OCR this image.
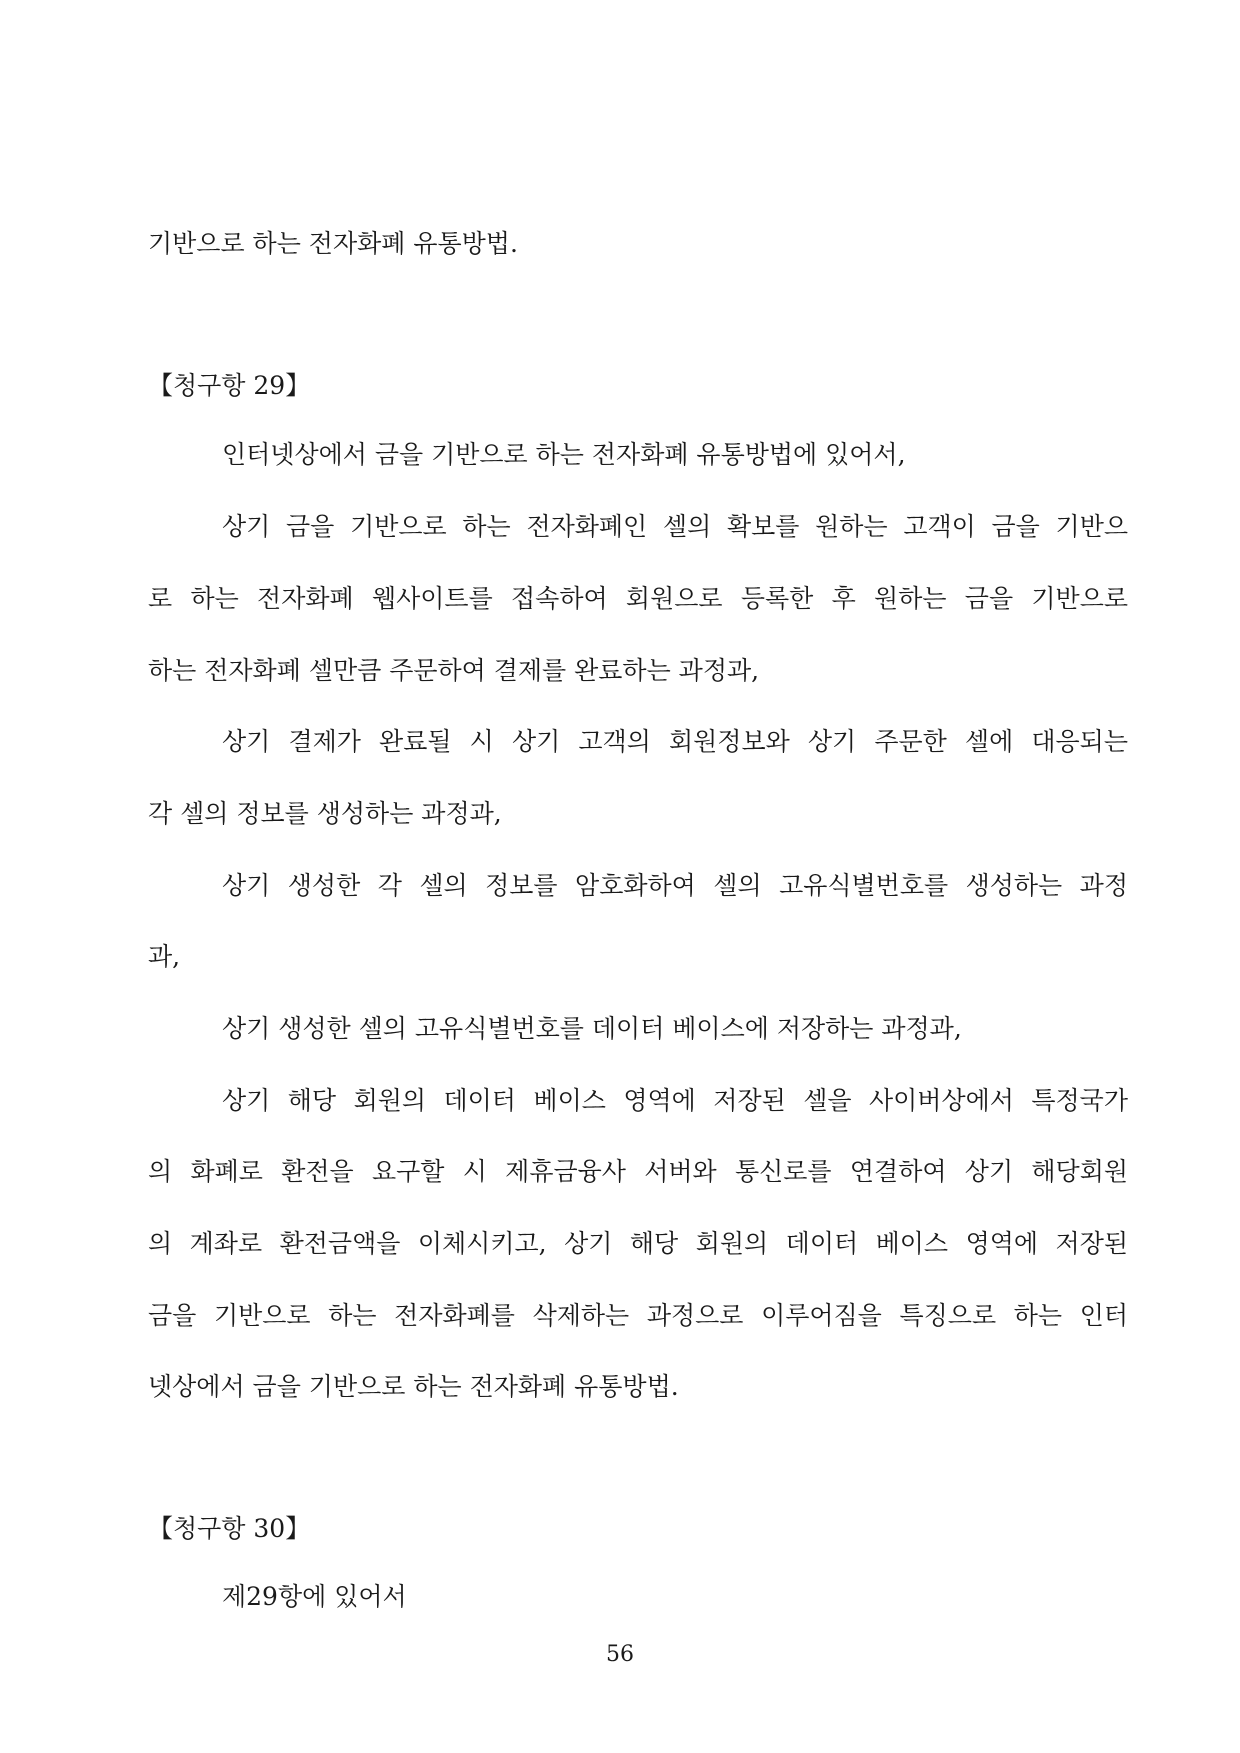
기반으로 하는 전자화폐 유통방법.

【청구항 29】

인터넷상에서 금을 기반으로 하는 전자화폐 유통방법에 있어서,

상기 금을 기반으로 하는 전자화폐인 셀의 확보를 원하는 고객이 금을 기반으

로 하는 전자화폐 웹사이트를 접속하여 회원으로 등록한 후 원하는 금을 기반으로

하는 전자화폐 셀만큼 주문하여 결제를 완료하는 과정과,

상기 결제가 완료될 시 상기 고객의 회원정보와 상기 주문한 셀에 대응되는

각 셀의 정보를 생성하는 과정과,

상기 생성한 각 셀의 정보를 암호화하여 셀의 고유식별번호를 생성하는 과정

과,

상기 생성한 셀의 고유식별번호를 데이터 베이스에 저장하는 과정과,

상기 해당 회원의 데이터 베이스 영역에 저장된 셀을 사이버상에서 특정국가

의 화폐로 환전을 요구할 시 제휴금융사 서버와 통신로를 연결하여 상기 해당회원

의 계좌로 환전금액을 이체시키고, 상기 해당 회원의 데이터 베이스 영역에 저장된

금을 기반으로 하는 전자화폐를 삭제하는 과정으로 이루어짐을 특징으로 하는 인터

넷상에서 금을 기반으로 하는 전자화폐 유통방법.

【청구항 30】

제29항에 있어서

56
